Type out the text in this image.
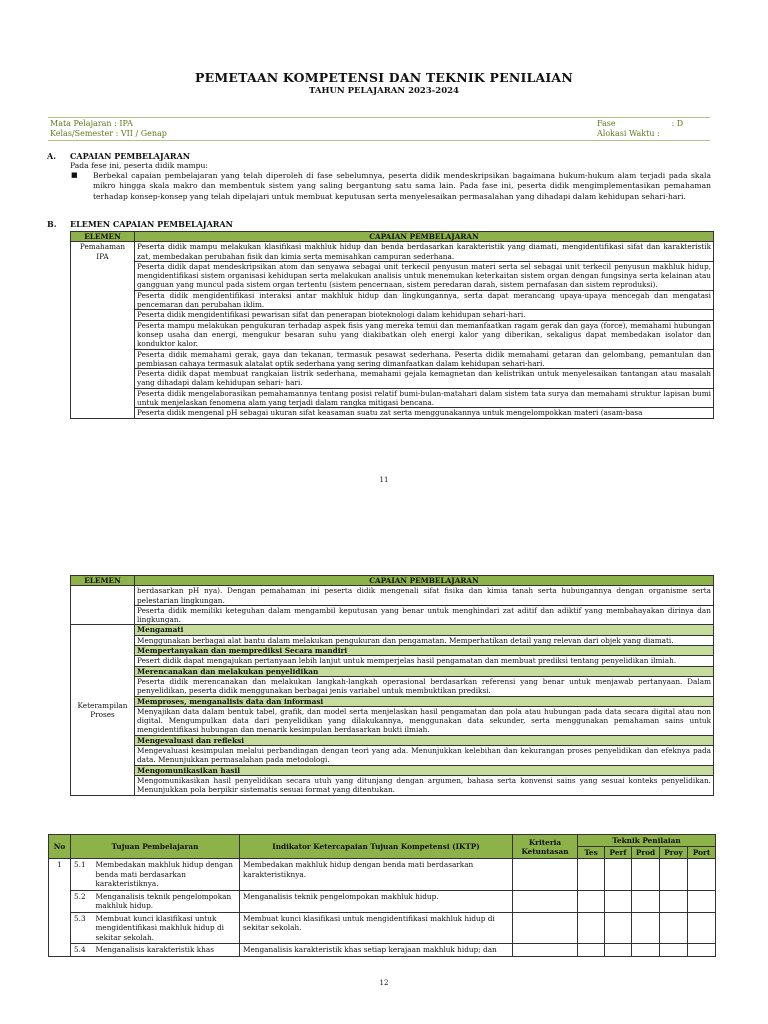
PEMETAAN KOMPETENSI DAN TEKNIK PENILAIAN
TAHUN PELAJARAN 2023-2024
Mata Pelajaran : IPA
Kelas/Semester : VII / Genap
Fase                      : D
Alokasi Waktu :
A. CAPAIAN PEMBELAJARAN
Pada fese ini, peserta didik mampu:
■ Berbekal capaian pembelajaran yang telah diperoleh di fase sebelumnya, peserta didik mendeskripsikan bagaimana hukum-hukum alam terjadi pada skala mikro hingga skala makro dan membentuk sistem yang saling bergantung satu sama lain. Pada fase ini, peserta didik mengimplementasikan pemahaman terhadap konsep-konsep yang telah dipelajari untuk membuat keputusan serta menyelesaikan permasalahan yang dihadapi dalam kehidupan sehari-hari.
B. ELEMEN CAPAIAN PEMBELAJARAN
ELEMEN	CAPAIAN PEMBELAJARAN
Pemahaman IPA	Peserta didik mampu melakukan klasifikasi makhluk hidup dan benda berdasarkan karakteristik yang diamati, mengidentifikasi sifat dan karakteristik zat, membedakan perubahan fisik dan kimia serta memisahkan campuran sederhana.
	Peserta didik dapat mendeskripsikan atom dan senyawa sebagai unit terkecil penyusun materi serta sel sebagai unit terkecil penyusun makhluk hidup, mengidentifikasi sistem organisasi kehidupan serta melakukan analisis untuk menemukan keterkaitan sistem organ dengan fungsinya serta kelainan atau gangguan yang muncul pada sistem organ tertentu (sistem pencernaan, sistem peredaran darah, sistem pernafasan dan sistem reproduksi).
	Peserta didik mengidentifikasi interaksi antar makhluk hidup dan lingkungannya, serta dapat merancang upaya-upaya mencegah dan mengatasi pencemaran dan perubahan iklim.
	Peserta didik mengidentifikasi pewarisan sifat dan penerapan bioteknologi dalam kehidupan sehari-hari.
	Peserta mampu melakukan pengukuran terhadap aspek fisis yang mereka temui dan memanfaatkan ragam gerak dan gaya (force), memahami hubungan konsep usaha dan energi, mengukur besaran suhu yang diakibatkan oleh energi kalor yang diberikan, sekaligus dapat membedakan isolator dan konduktor kalor.
	Peserta didik memahami gerak, gaya dan tekanan, termasuk pesawat sederhana. Peserta didik memahami getaran dan gelombang, pemantulan dan pembiasan cahaya termasuk alatalat optik sederhana yang sering dimanfaatkan dalam kehidupan sehari-hari.
	Peserta didik dapat membuat rangkaian listrik sederhana, memahami gejala kemagnetan dan kelistrikan untuk menyelesaikan tantangan atau masalah yang dihadapi dalam kehidupan sehari- hari.
	Peserta didik mengelaborasikan pemahamannya tentang posisi relatif bumi-bulan-matahari dalam sistem tata surya dan memahami struktur lapisan bumi untuk menjelaskan fenomena alam yang terjadi dalam rangka mitigasi bencana.
	Peserta didik mengenal pH sebagai ukuran sifat keasaman suatu zat serta menggunakannya untuk mengelompokkan materi (asam-basa
11
ELEMEN	CAPAIAN PEMBELAJARAN
	berdasarkan pH nya). Dengan pemahaman ini peserta didik mengenali sifat fisika dan kimia tanah serta hubungannya dengan organisme serta pelestarian lingkungan.
	Peserta didik memiliki keteguhan dalam mengambil keputusan yang benar untuk menghindari zat aditif dan adiktif yang membahayakan dirinya dan lingkungan.
Keterampilan Proses	Mengamati
	Menggunakan berbagai alat bantu dalam melakukan pengukuran dan pengamatan. Memperhatikan detail yang relevan dari objek yang diamati.
	Mempertanyakan dan memprediksi Secara mandiri
	Pesert didik dapat mengajukan pertanyaan lebih lanjut untuk memperjelas hasil pengamatan dan membuat prediksi tentang penyelidikan ilmiah.
	Merencanakan dan melakukan penyelidikan
	Peserta didik merencanakan dan melakukan langkah-langkah operasional berdasarkan referensi yang benar untuk menjawab pertanyaan. Dalam penyelidikan, peserta didik menggunakan berbagai jenis variabel untuk membuktikan prediksi.
	Memproses, menganalisis data dan informasi
	Menyajikan data dalam bentuk tabel, grafik, dan model serta menjelaskan hasil pengamatan dan pola atau hubungan pada data secara digital atau non digital. Mengumpulkan data dari penyelidikan yang dilakukannya, menggunakan data sekunder, serta menggunakan pemahaman sains untuk mengidentifikasi hubungan dan menarik kesimpulan berdasarkan bukti ilmiah.
	Mengevaluasi dan refleksi
	Mengevaluasi kesimpulan melalui perbandingan dengan teori yang ada. Menunjukkan kelebihan dan kekurangan proses penyelidikan dan efeknya pada data. Menunjukkan permasalahan pada metodologi.
	Mengomunikasikan hasil
	Mengomunikasikan hasil penyelidikan secara utuh yang ditunjang dengan argumen, bahasa serta konvensi sains yang sesuai konteks penyelidikan. Menunjukkan pola berpikir sistematis sesuai format yang ditentukan.
No	Tujuan Pembelajaran		Indikator Ketercapaian Tujuan Kompetensi (IKTP)	Kriteria Ketuntasan	Teknik Penilaian				
					Tes	Perf	Prod	Proy	Port
1	5.1	Membedakan makhluk hidup dengan benda mati berdasarkan karakteristiknya.	Membedakan makhluk hidup dengan benda mati berdasarkan karakteristiknya.						
	5.2	Menganalisis teknik pengelompokan makhluk hidup.	Menganalisis teknik pengelompokan makhluk hidup.						
	5.3	Membuat kunci klasifikasi untuk mengidentifikasi makhluk hidup di sekitar sekolah.	Membuat kunci klasifikasi untuk mengidentifikasi makhluk hidup di sekitar sekolah.						
	5.4	Menganalisis karakteristik khas	Menganalisis karakteristik khas setiap kerajaan makhluk hidup; dan						
12
